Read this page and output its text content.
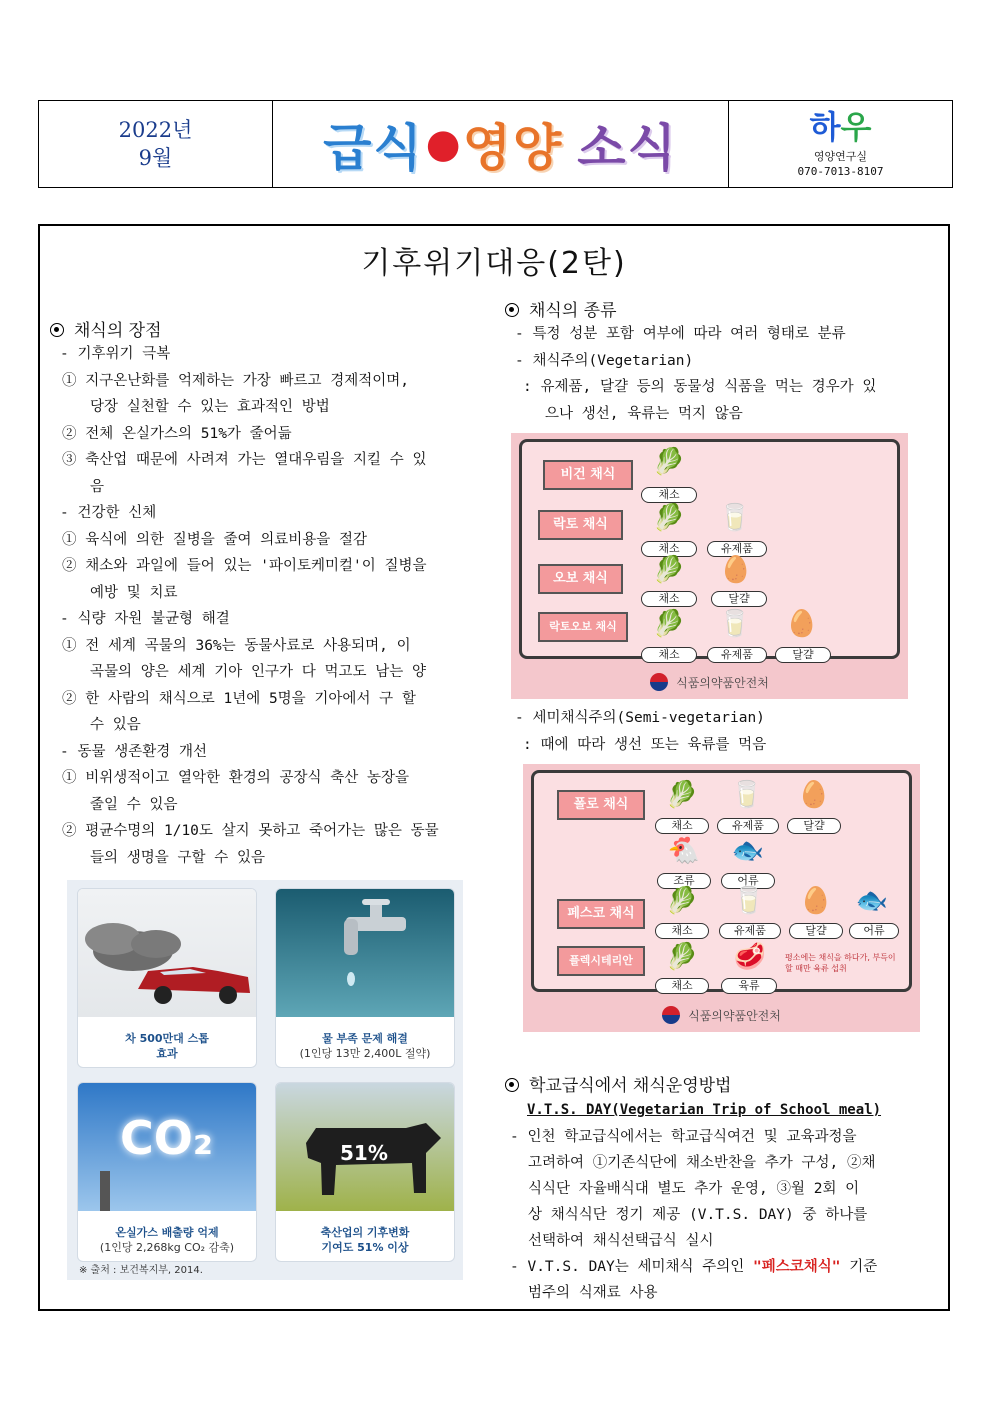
2022년
9월	급식 ● 영양 소식	하우
영양연구실
070-7013-8107
기후위기대응(2탄)
채식의 장점
- 기후위기 극복
① 지구온난화를 억제하는 가장 빠르고 경제적이며,
당장 실천할 수 있는 효과적인 방법
② 전체 온실가스의 51%가 줄어듦
③ 축산업 때문에 사려져 가는 열대우림을 지킬 수 있
음
- 건강한 신체
① 육식에 의한 질병을 줄여 의료비용을 절감
② 채소와 과일에 들어 있는 '파이토케미컬'이 질병을
예방 및 치료
- 식량 자원 불균형 해결
① 전 세계 곡물의 36%는 동물사료로 사용되며, 이
곡물의 양은 세계 기아 인구가 다 먹고도 남는 양
② 한 사람의 채식으로 1년에 5명을 기아에서 구 할
수 있음
- 동물 생존환경 개선
① 비위생적이고 열악한 환경의 공장식 축산 농장을
줄일 수 있음
② 평균수명의 1/10도 살지 못하고 죽어가는 많은 동물
들의 생명을 구할 수 있음
차 500만대 스톱
효과
물 부족 문제 해결
(1인당 13만 2,400L 절약)
CO₂
온실가스 배출량 억제
(1인당 2,268kg CO₂ 감축)
51%
축산업의 기후변화
기여도 51% 이상
※ 출처 : 보건복지부, 2014.
채식의 종류
- 특정 성분 포함 여부에 따라 여러 형태로 분류
- 채식주의(Vegetarian)
: 유제품, 달걀 등의 동물성 식품을 먹는 경우가 있
으나 생선, 육류는 먹지 않음
비건 채식	🥬
채소
락토 채식	🥬
채소
🥛
유제품
오보 채식	🥬
채소
🥚
달걀
락토오보 채식	🥬
채소
🥛
유제품
🥚
달걀
식품의약품안전처
- 세미채식주의(Semi-vegetarian)
: 때에 따라 생선 또는 육류를 먹음
폴로 채식	🥬
채소
🥛
유제품
🥚
달걀
🐔
조류
🐟
어류
페스코 채식	🥬
채소
🥛
유제품
🥚
달걀
🐟
어류
플렉시테리안	🥬
채소
🥩
육류
평소에는 채식을 하다가, 부득이할 때만 육류 섭취
식품의약품안전처
학교급식에서 채식운영방법
V.T.S. DAY(Vegetarian Trip of School meal)
- 인천 학교급식에서는 학교급식여건 및 교육과정을
고려하여 ①기존식단에 채소반찬을 추가 구성, ②채
식식단 자율배식대 별도 추가 운영, ③월 2회 이
상 채식식단 정기 제공 (V.T.S. DAY) 중 하나를
선택하여 채식선택급식 실시
- V.T.S. DAY는 세미채식 주의인 "페스코채식" 기준
범주의 식재료 사용
